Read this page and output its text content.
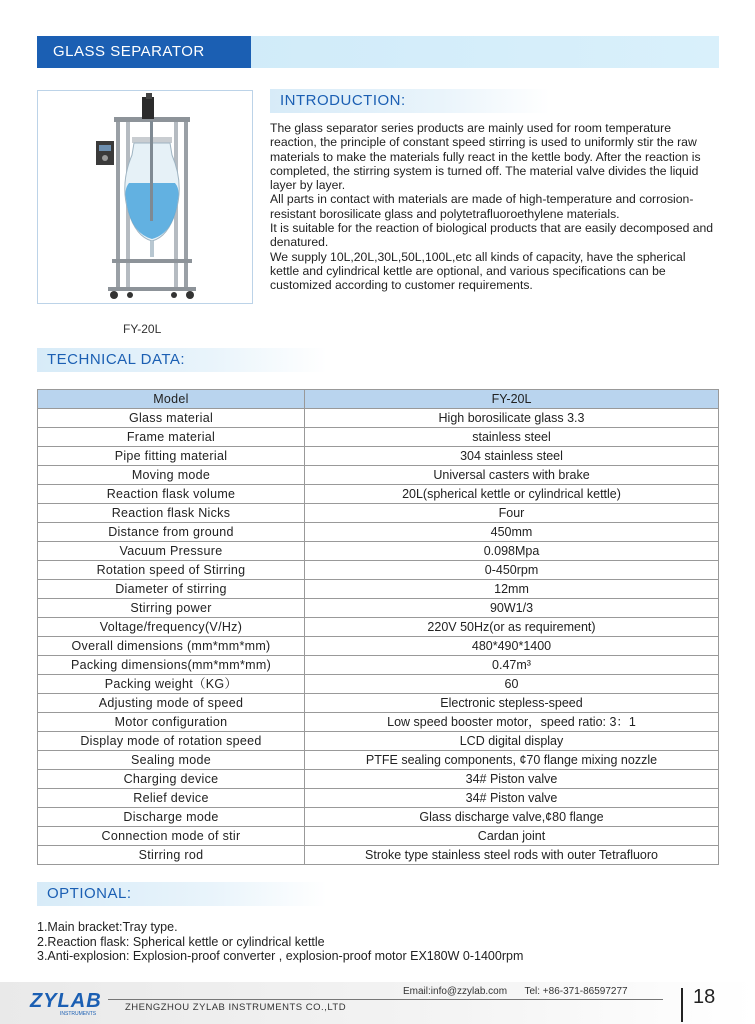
GLASS SEPARATOR
FY-20L
INTRODUCTION:

The glass separator series products are mainly used for room temperature reaction, the principle of constant speed stirring is used to uniformly stir the raw materials to make the materials fully react in the kettle body. After the reaction is completed, the stirring system is turned off. The material valve divides the liquid layer by layer.

All parts in contact with materials are made of high-temperature and corrosion-resistant borosilicate glass and polytetrafluoroethylene materials.

It is suitable for the reaction of biological products that are easily decomposed and denatured.

We supply 10L,20L,30L,50L,100L,etc all kinds of capacity, have the spherical kettle and cylindrical kettle are optional, and various specifications can be customized according to customer requirements.

TECHNICAL DATA:
Model	FY-20L
Glass material	High borosilicate glass 3.3
Frame material	stainless steel
Pipe fitting material	304 stainless steel
Moving mode	Universal casters with brake
Reaction flask volume	20L(spherical kettle or cylindrical kettle)
Reaction flask Nicks	Four
Distance from ground	450mm
Vacuum Pressure	0.098Mpa
Rotation speed of Stirring	0-450rpm
Diameter of stirring	12mm
Stirring power	90W1/3
Voltage/frequency(V/Hz)	220V 50Hz(or as requirement)
Overall dimensions (mm*mm*mm)	480*490*1400
Packing dimensions(mm*mm*mm)	0.47m³
Packing weight（KG）	60
Adjusting mode of speed	Electronic stepless-speed
Motor configuration	Low speed booster motor，speed ratio: 3：1
Display mode of rotation speed	LCD digital display
Sealing mode	PTFE sealing components, ¢70 flange mixing nozzle
Charging device	34# Piston valve
Relief device	34# Piston valve
Discharge mode	Glass discharge valve,¢80 flange
Connection mode of stir	Cardan joint
Stirring rod	Stroke type stainless steel rods with outer Tetrafluoro
OPTIONAL:
1.Main bracket:Tray type.
2.Reaction flask: Spherical kettle or cylindrical kettle
3.Anti-explosion: Explosion-proof converter , explosion-proof motor EX180W 0-1400rpm
ZYLAB
INSTRUMENTS
Email:info@zzylab.com Tel: +86-371-86597277
ZHENGZHOU ZYLAB INSTRUMENTS CO.,LTD	18
